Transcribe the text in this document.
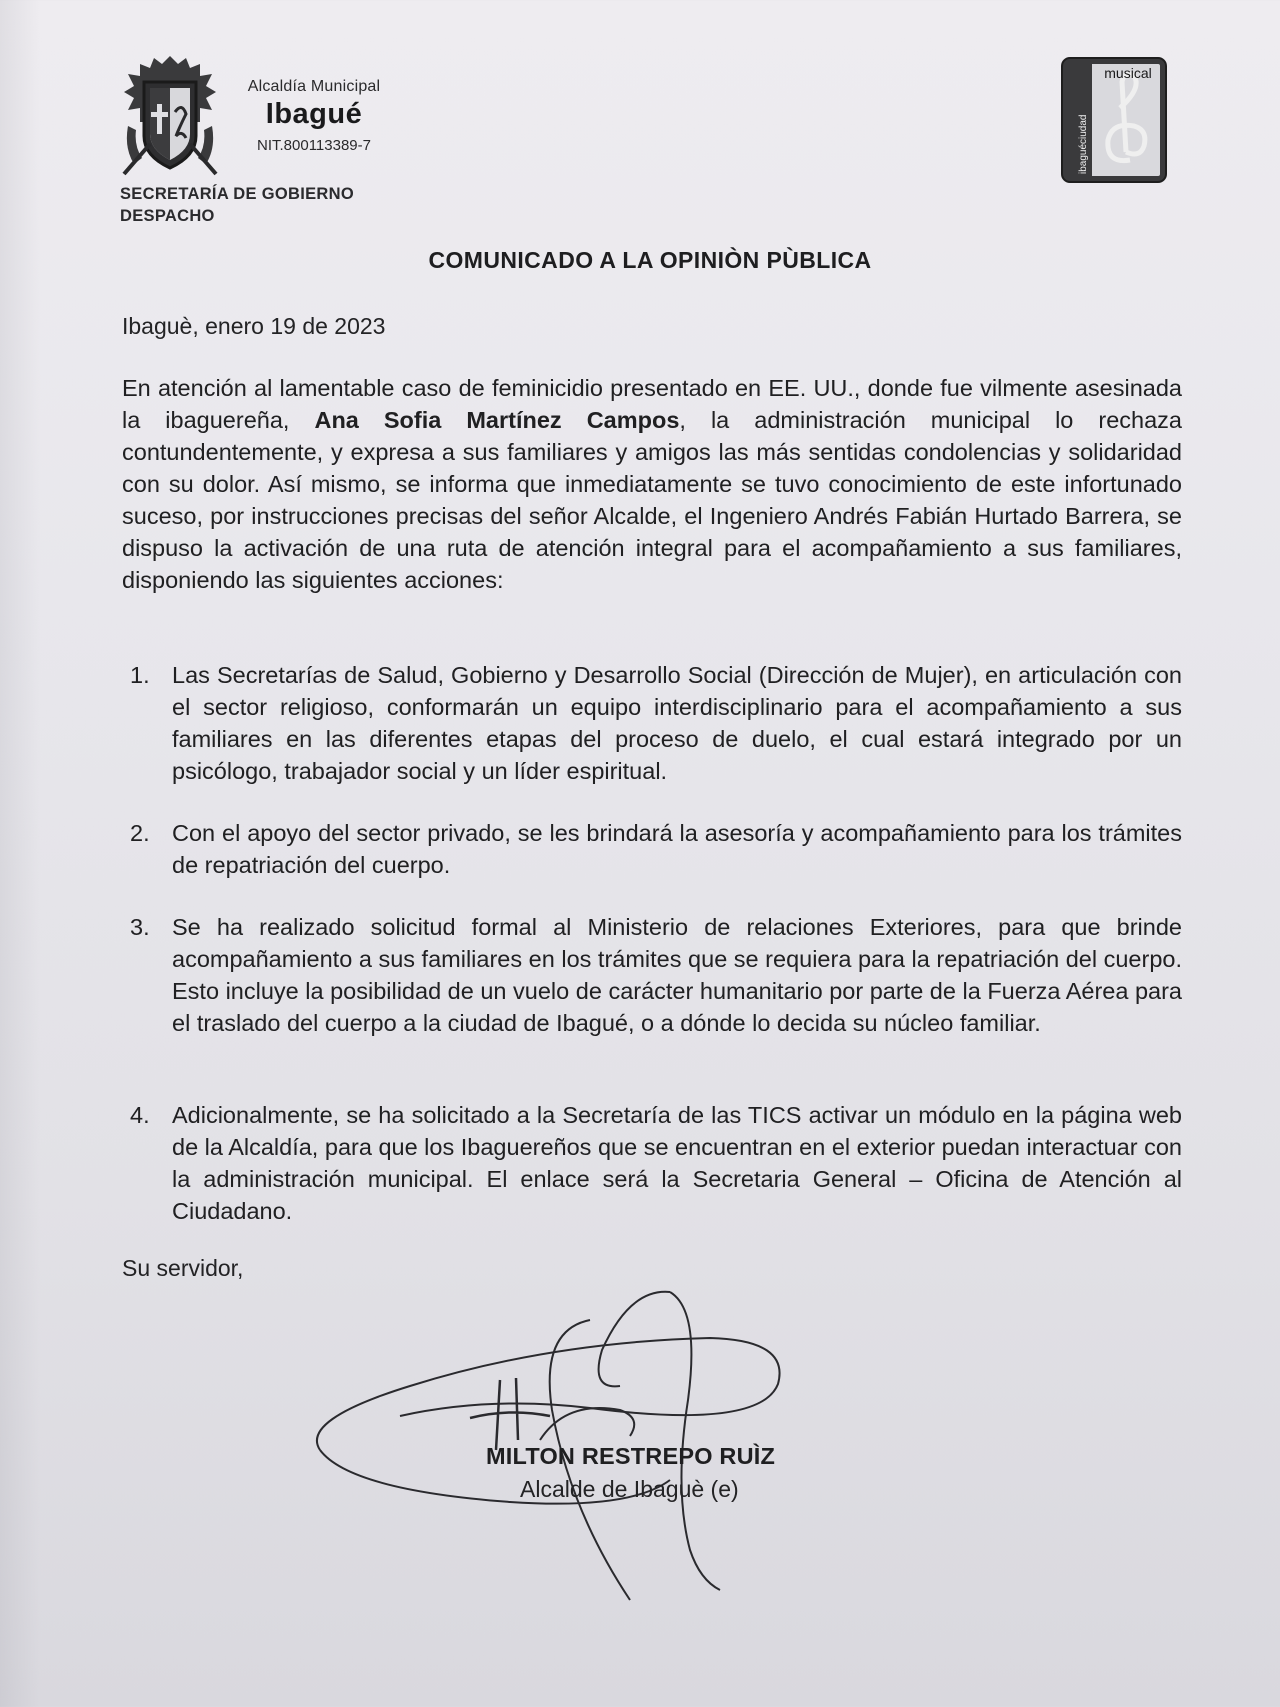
Alcaldía Municipal
Ibagué
NIT.800113389-7
SECRETARÍA DE GOBIERNO
DESPACHO
musical
ibaguéciudad
COMUNICADO A LA OPINIÒN PÙBLICA
Ibaguè, enero 19 de 2023
En atención al lamentable caso de feminicidio presentado en EE. UU., donde fue vilmente asesinada la ibaguereña, Ana Sofia Martínez Campos, la administración municipal lo rechaza contundentemente, y expresa a sus familiares y amigos las más sentidas condolencias y solidaridad con su dolor. Así mismo, se informa que inmediatamente se tuvo conocimiento de este infortunado suceso, por instrucciones precisas del señor Alcalde, el Ingeniero Andrés Fabián Hurtado Barrera, se dispuso la activación de una ruta de atención integral para el acompañamiento a sus familiares, disponiendo las siguientes acciones:
1. Las Secretarías de Salud, Gobierno y Desarrollo Social (Dirección de Mujer), en articulación con el sector religioso, conformarán un equipo interdisciplinario para el acompañamiento a sus familiares en las diferentes etapas del proceso de duelo, el cual estará integrado por un psicólogo, trabajador social y un líder espiritual.
2. Con el apoyo del sector privado, se les brindará la asesoría y acompañamiento para los trámites de repatriación del cuerpo.
3. Se ha realizado solicitud formal al Ministerio de relaciones Exteriores, para que brinde acompañamiento a sus familiares en los trámites que se requiera para la repatriación del cuerpo. Esto incluye la posibilidad de un vuelo de carácter humanitario por parte de la Fuerza Aérea para el traslado del cuerpo a la ciudad de Ibagué, o a dónde lo decida su núcleo familiar.
4. Adicionalmente, se ha solicitado a la Secretaría de las TICS activar un módulo en la página web de la Alcaldía, para que los Ibaguereños que se encuentran en el exterior puedan interactuar con la administración municipal. El enlace será la Secretaria General – Oficina de Atención al Ciudadano.
Su servidor,
MILTON RESTREPO RUÌZ
Alcalde de Ibaguè (e)
